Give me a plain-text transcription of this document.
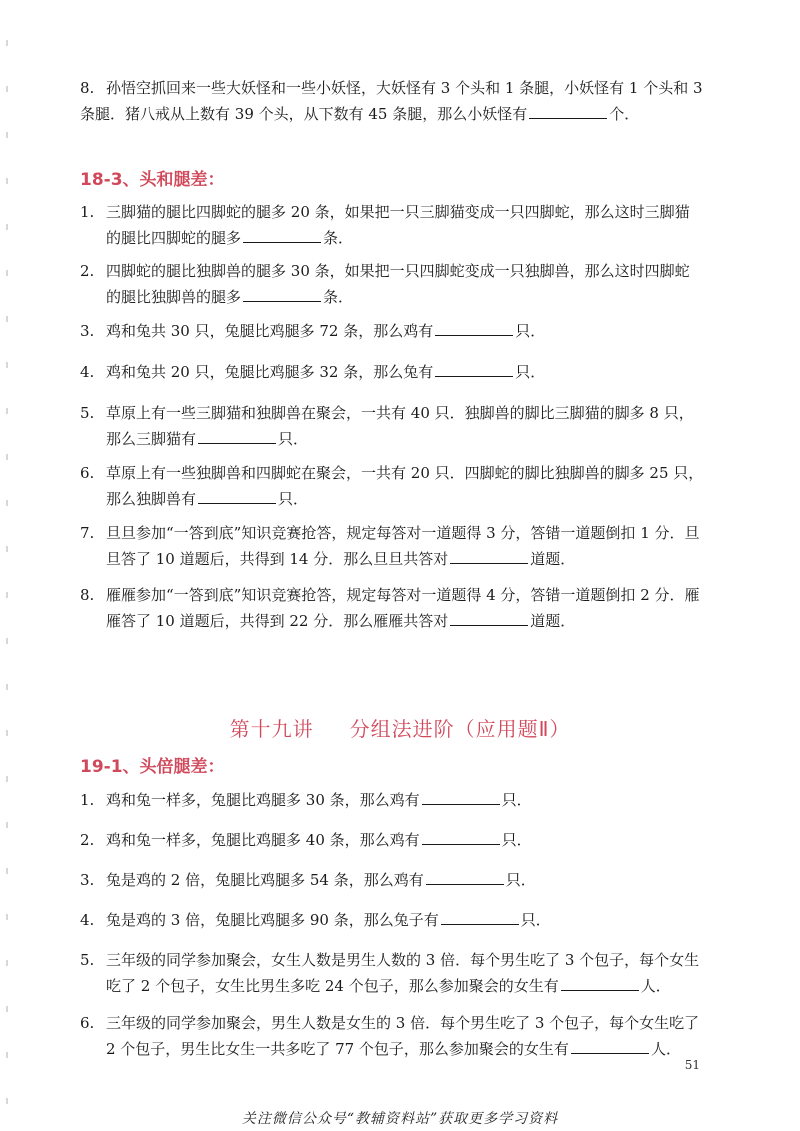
8. 孙悟空抓回来一些大妖怪和一些小妖怪，大妖怪有 3 个头和 1 条腿，小妖怪有 1 个头和 3
条腿．猪八戒从上数有 39 个头，从下数有 45 条腿，那么小妖怪有	个．
18-3、头和腿差：
1. 三脚猫的腿比四脚蛇的腿多 20 条，如果把一只三脚猫变成一只四脚蛇，那么这时三脚猫
的腿比四脚蛇的腿多	条．
2. 四脚蛇的腿比独脚兽的腿多 30 条，如果把一只四脚蛇变成一只独脚兽，那么这时四脚蛇
的腿比独脚兽的腿多	条．
3. 鸡和兔共 30 只，兔腿比鸡腿多 72 条，那么鸡有	只．
4. 鸡和兔共 20 只，兔腿比鸡腿多 32 条，那么兔有	只．
5. 草原上有一些三脚猫和独脚兽在聚会，一共有 40 只．独脚兽的脚比三脚猫的脚多 8 只，
那么三脚猫有	只．
6. 草原上有一些独脚兽和四脚蛇在聚会，一共有 20 只．四脚蛇的脚比独脚兽的脚多 25 只，
那么独脚兽有	只．
7. 旦旦参加“一答到底”知识竞赛抢答，规定每答对一道题得 3 分，答错一道题倒扣 1 分．旦
旦答了 10 道题后，共得到 14 分．那么旦旦共答对	道题．
8. 雁雁参加“一答到底”知识竞赛抢答，规定每答对一道题得 4 分，答错一道题倒扣 2 分．雁
雁答了 10 道题后，共得到 22 分．那么雁雁共答对	道题．
第十九讲 分组法进阶（应用题Ⅱ）
19-1、头倍腿差：
1. 鸡和兔一样多，兔腿比鸡腿多 30 条，那么鸡有	只．
2. 鸡和兔一样多，兔腿比鸡腿多 40 条，那么鸡有	只．
3. 兔是鸡的 2 倍，兔腿比鸡腿多 54 条，那么鸡有	只．
4. 兔是鸡的 3 倍，兔腿比鸡腿多 90 条，那么兔子有	只．
5. 三年级的同学参加聚会，女生人数是男生人数的 3 倍．每个男生吃了 3 个包子，每个女生
吃了 2 个包子，女生比男生多吃 24 个包子，那么参加聚会的女生有	人．
6. 三年级的同学参加聚会，男生人数是女生的 3 倍．每个男生吃了 3 个包子，每个女生吃了
2 个包子，男生比女生一共多吃了 77 个包子，那么参加聚会的女生有	人．
51
关注微信公众号“教辅资料站”获取更多学习资料
